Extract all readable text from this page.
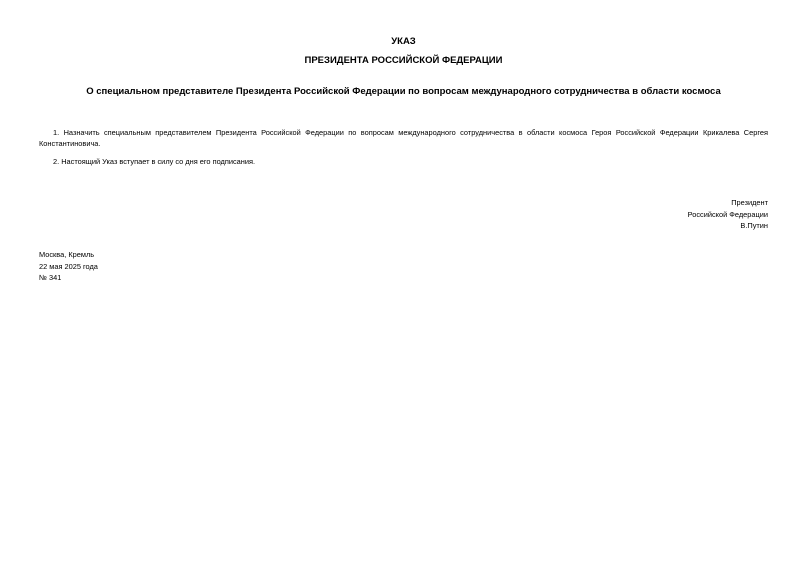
УКАЗ
ПРЕЗИДЕНТА РОССИЙСКОЙ ФЕДЕРАЦИИ
О специальном представителе Президента Российской Федерации по вопросам международного сотрудничества в области космоса
1. Назначить специальным представителем Президента Российской Федерации по вопросам международного сотрудничества в области космоса Героя Российской Федерации Крикалева Сергея Константиновича.
2. Настоящий Указ вступает в силу со дня его подписания.
Президент
Российской Федерации
В.Путин
Москва, Кремль
22 мая 2025 года
№ 341
